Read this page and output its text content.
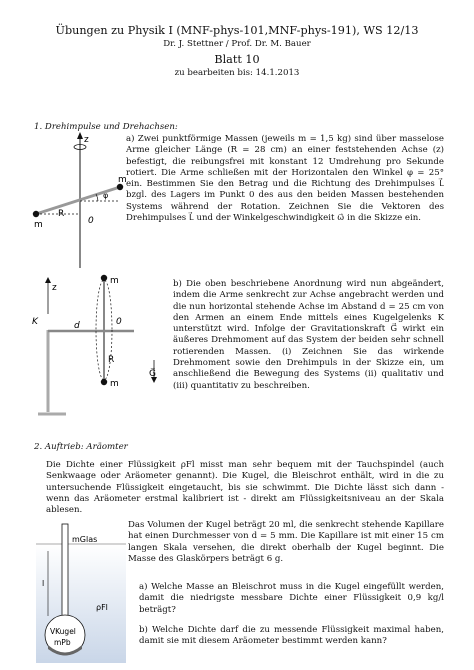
Übungen zu Physik I (MNF-phys-101,MNF-phys-191), WS 12/13
Dr. J. Stettner / Prof. Dr. M. Bauer
Blatt 10
zu bearbeiten bis: 14.1.2013
1. Drehimpulse und Drehachsen:
z
m
m
R
0
φ
a) Zwei punktförmige Massen (jeweils m = 1,5 kg) sind über masselose Arme gleicher Länge (R = 28 cm) an einer feststehenden Achse (z) befestigt, die reibungsfrei mit konstant 12 Umdrehung pro Sekunde rotiert. Die Arme schließen mit der Horizontalen den Winkel φ = 25° ein. Bestimmen Sie den Betrag und die Richtung des Drehimpulses L⃗ bzgl. des Lagers im Punkt 0 des aus den beiden Massen bestehenden Systems während der Rotation. Zeichnen Sie die Vektoren des Drehimpulses L⃗ und der Winkelgeschwindigkeit ω⃗ in die Skizze ein.
z
K	d	0
R
m
m
G⃗
b) Die oben beschriebene Anordnung wird nun abgeändert, indem die Arme senkrecht zur Achse angebracht werden und die nun horizontal stehende Achse im Abstand d = 25 cm von den Armen an einem Ende mittels eines Kugelgelenks K unterstützt wird. Infolge der Gravitationskraft G⃗ wirkt ein äußeres Drehmoment auf das System der beiden sehr schnell rotierenden Massen. (i) Zeichnen Sie das wirkende Drehmoment sowie den Drehimpuls in der Skizze ein, um anschließend die Bewegung des Systems (ii) qualitativ und (iii) quantitativ zu beschreiben.
2. Auftrieb: Aräomter
Die Dichte einer Flüssigkeit ρFl misst man sehr bequem mit der Tauchspindel (auch Senkwaage oder Aräometer genannt). Die Kugel, die Bleischrot enthält, wird in die zu untersuchende Flüssigkeit eingetaucht, bis sie schwimmt. Die Dichte lässt sich dann - wenn das Aräometer erstmal kalibriert ist - direkt am Flüssigkeitsniveau an der Skala ablesen.
mGlas
l
ρFl
VKugel
mPb
Das Volumen der Kugel beträgt 20 ml, die senkrecht stehende Kapillare hat einen Durchmesser von d = 5 mm. Die Kapillare ist mit einer 15 cm langen Skala versehen, die direkt oberhalb der Kugel beginnt. Die Masse des Glaskörpers beträgt 6 g.
a) Welche Masse an Bleischrot muss in die Kugel eingefüllt werden, damit die niedrigste messbare Dichte einer Flüssigkeit 0,9 kg/l beträgt?
b) Welche Dichte darf die zu messende Flüssigkeit maximal haben, damit sie mit diesem Aräometer bestimmt werden kann?
